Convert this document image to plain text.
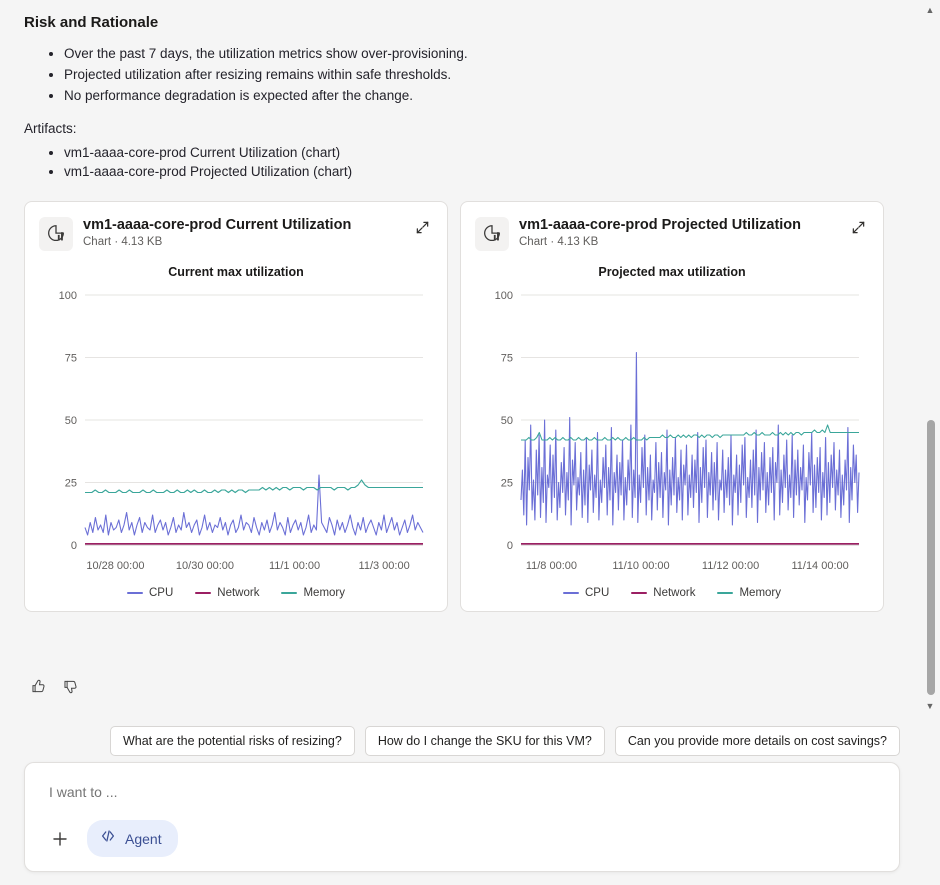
Risk and Rationale
• Over the past 7 days, the utilization metrics show over-provisioning.
• Projected utilization after resizing remains within safe thresholds.
• No performance degradation is expected after the change.

Artifacts:

• vm1-aaaa-core-prod Current Utilization (chart)
• vm1-aaaa-core-prod Projected Utilization (chart)
vm1-aaaa-core-prod Current Utilization
Chart · 4.13 KB
Current max utilization
0
25
50
75
100
10/28 00:00	10/30 00:00	11/1 00:00	11/3 00:00
CPU	Network	Memory
vm1-aaaa-core-prod Projected Utilization
Chart · 4.13 KB
Projected max utilization
0
25
50
75
100
11/8 00:00	11/10 00:00	11/12 00:00	11/14 00:00
CPU	Network	Memory
What are the potential risks of resizing?	How do I change the SKU for this VM?	Can you provide more details on cost savings?
I want to ...
Agent
▲
▼
